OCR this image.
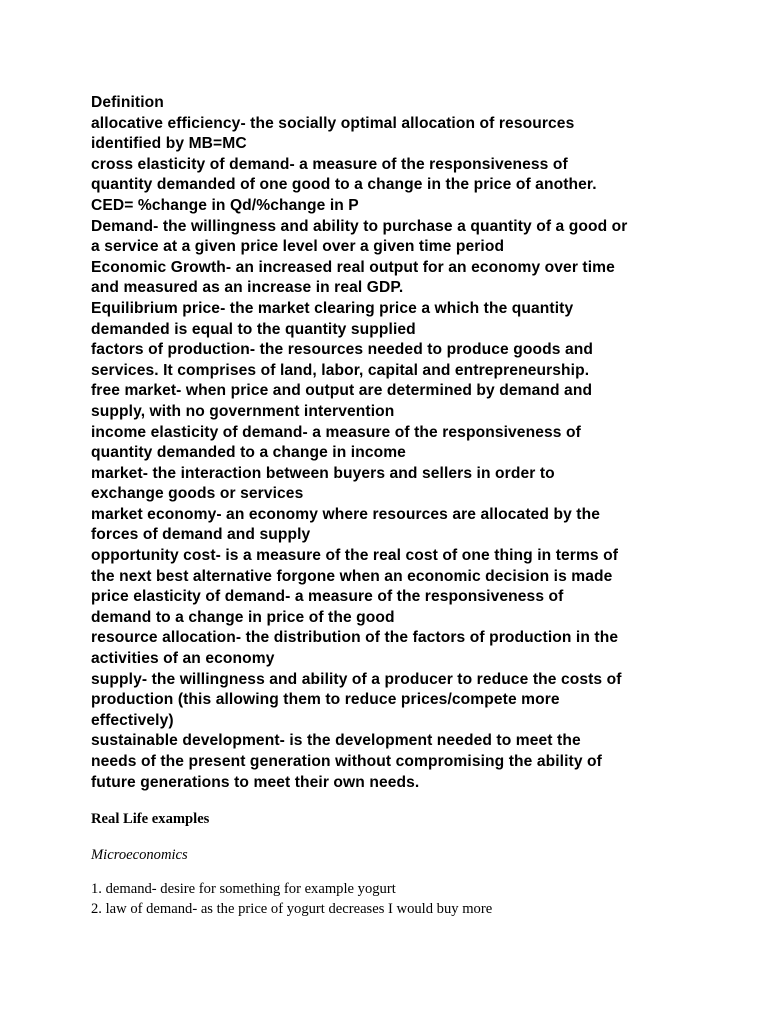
Definition
allocative efficiency- the socially optimal allocation of resources
identified by MB=MC
cross elasticity of demand- a measure of the responsiveness of
quantity demanded of one good to a change in the price of another.
CED= %change in Qd/%change in P
Demand- the willingness and ability to purchase a quantity of a good or
a service at a given price level over a given time period
Economic Growth- an increased real output for an economy over time
and measured as an increase in real GDP.
Equilibrium price- the market clearing price a which the quantity
demanded is equal to the quantity supplied
factors of production- the resources needed to produce goods and
services. It comprises of land, labor, capital and entrepreneurship.
free market- when price and output are determined by demand and
supply, with no government intervention
income elasticity of demand- a measure of the responsiveness of
quantity demanded to a change in income
market- the interaction between buyers and sellers in order to
exchange goods or services
market economy- an economy where resources are allocated by the
forces of demand and supply
opportunity cost- is a measure of the real cost of one thing in terms of
the next best alternative forgone when an economic decision is made
price elasticity of demand- a measure of the responsiveness of
demand to a change in price of the good
resource allocation- the distribution of the factors of production in the
activities of an economy
supply- the willingness and ability of a producer to reduce the costs of
production (this allowing them to reduce prices/compete more
effectively)
sustainable development- is the development needed to meet the
needs of the present generation without compromising the ability of
future generations to meet their own needs.
Real Life examples
Microeconomics
1. demand- desire for something for example yogurt
2. law of demand- as the price of yogurt decreases I would buy more
